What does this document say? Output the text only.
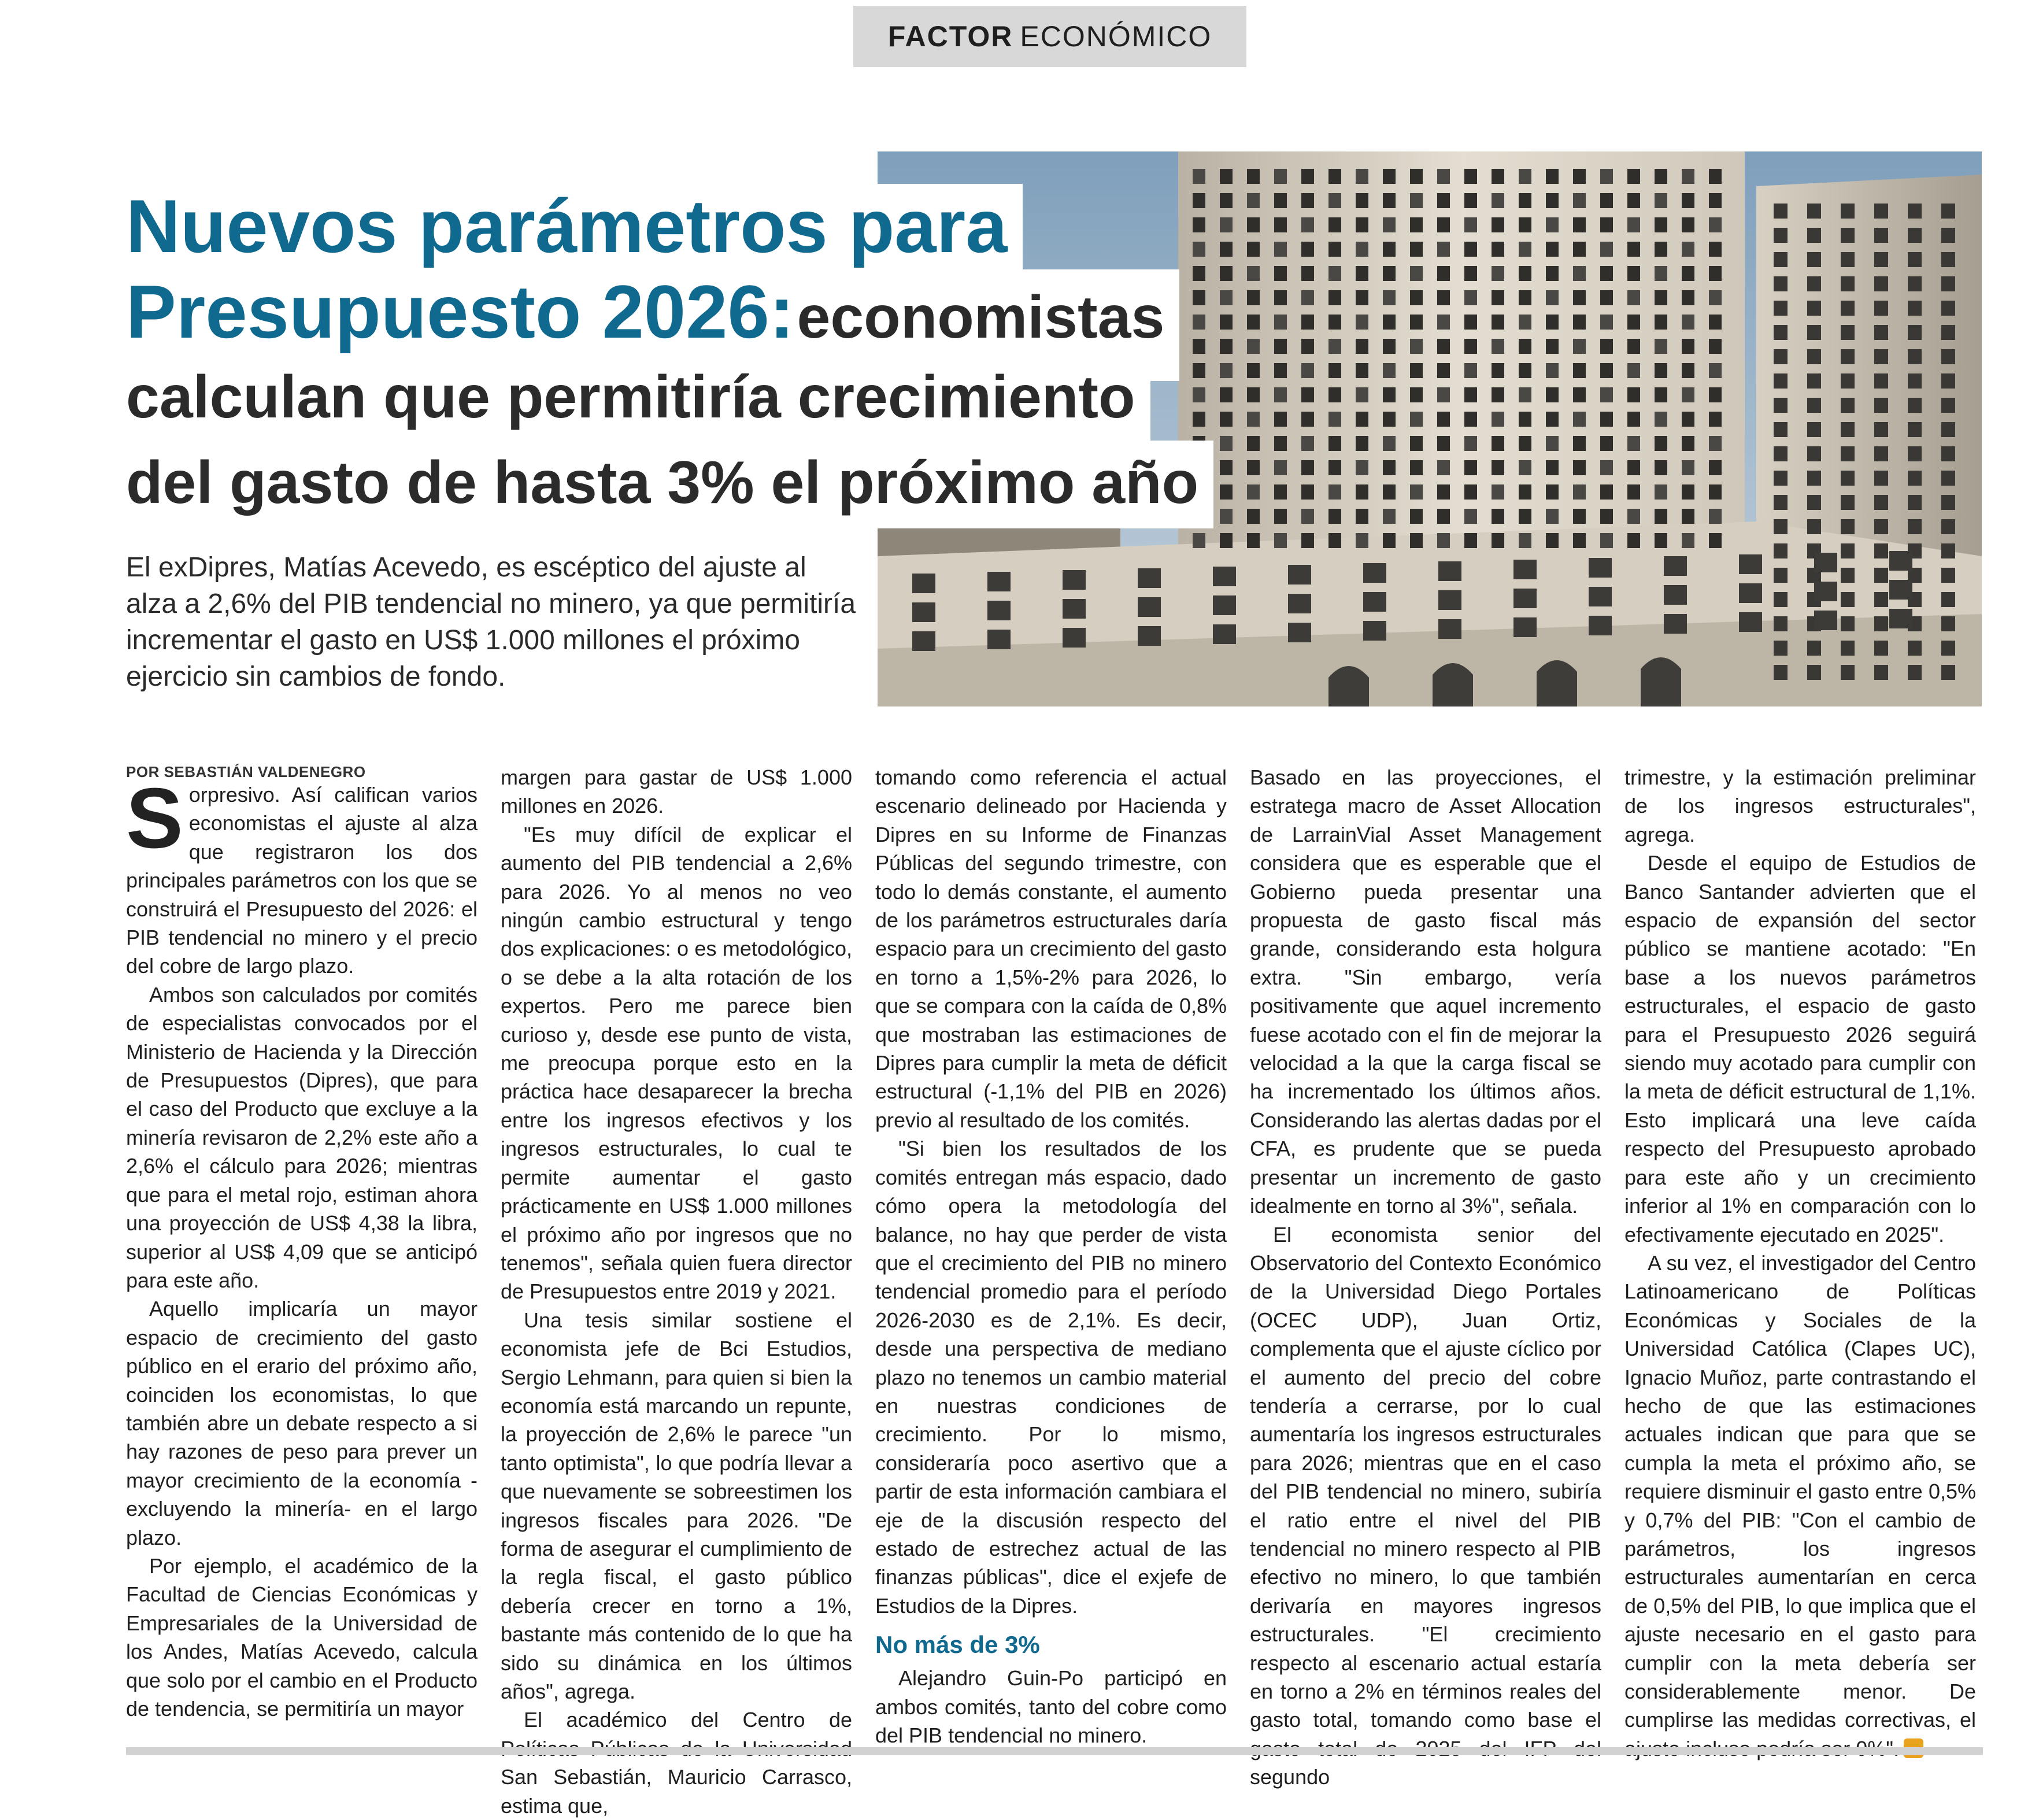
FACTOR ECONÓMICO
Nuevos parámetros para
Presupuesto 2026: economistas
calculan que permitiría crecimiento
del gasto de hasta 3% el próximo año
El exDipres, Matías Acevedo, es escéptico del ajuste al alza a 2,6% del PIB tendencial no minero, ya que permitiría incrementar el gasto en US$ 1.000 millones el próximo ejercicio sin cambios de fondo.

POR SEBASTIÁN VALDENEGRO

Sorpresivo. Así califican varios economistas el ajuste al alza que registraron los dos principales parámetros con los que se construirá el Presupuesto del 2026: el PIB tendencial no minero y el precio del cobre de largo plazo.

Ambos son calculados por comités de especialistas convocados por el Ministerio de Hacienda y la Dirección de Presupuestos (Dipres), que para el caso del Producto que excluye a la minería revisaron de 2,2% este año a 2,6% el cálculo para 2026; mientras que para el metal rojo, estiman ahora una proyección de US$ 4,38 la libra, superior al US$ 4,09 que se anticipó para este año.

Aquello implicaría un mayor espacio de crecimiento del gasto público en el erario del próximo año, coinciden los economistas, lo que también abre un debate respecto a si hay razones de peso para prever un mayor crecimiento de la economía -excluyendo la minería- en el largo plazo.

Por ejemplo, el académico de la Facultad de Ciencias Económicas y Empresariales de la Universidad de los Andes, Matías Acevedo, calcula que solo por el cambio en el Producto de tendencia, se permitiría un mayor

margen para gastar de US$ 1.000 millones en 2026.

"Es muy difícil de explicar el aumento del PIB tendencial a 2,6% para 2026. Yo al menos no veo ningún cambio estructural y tengo dos explicaciones: o es metodológico, o se debe a la alta rotación de los expertos. Pero me parece bien curioso y, desde ese punto de vista, me preocupa porque esto en la práctica hace desaparecer la brecha entre los ingresos efectivos y los ingresos estructurales, lo cual te permite aumentar el gasto prácticamente en US$ 1.000 millones el próximo año por ingresos que no tenemos", señala quien fuera director de Presupuestos entre 2019 y 2021.

Una tesis similar sostiene el economista jefe de Bci Estudios, Sergio Lehmann, para quien si bien la economía está marcando un repunte, la proyección de 2,6% le parece "un tanto optimista", lo que podría llevar a que nuevamente se sobreestimen los ingresos fiscales para 2026. "De forma de asegurar el cumplimiento de la regla fiscal, el gasto público debería crecer en torno a 1%, bastante más contenido de lo que ha sido su dinámica en los últimos años", agrega.

El académico del Centro de San Sebastián, Mauricio Carrasco, estima que,

tomando como referencia el actual escenario delineado por Hacienda y Dipres en su Informe de Finanzas Públicas del segundo trimestre, con todo lo demás constante, el aumento de los parámetros estructurales daría espacio para un crecimiento del gasto en torno a 1,5%-2% para 2026, lo que se compara con la caída de 0,8% que mostraban las estimaciones de Dipres para cumplir la meta de déficit estructural (-1,1% del PIB en 2026) previo al resultado de los comités.

"Si bien los resultados de los comités entregan más espacio, dado cómo opera la metodología del balance, no hay que perder de vista que el crecimiento del PIB no minero tendencial promedio para el período 2026-2030 es de 2,1%. Es decir, desde una perspectiva de mediano plazo no tenemos un cambio material en nuestras condiciones de crecimiento. Por lo mismo, consideraría poco asertivo que a partir de esta información cambiara el eje de la discusión respecto del estado de estrechez actual de las finanzas públicas", dice el exjefe de Estudios de la Dipres.

No más de 3%

Alejandro Guin-Po participó en ambos comités, tanto del cobre como del PIB tendencial no minero.

Basado en las proyecciones, el estratega macro de Asset Allocation de LarrainVial Asset Management considera que es esperable que el Gobierno pueda presentar una propuesta de gasto fiscal más grande, considerando esta holgura extra. "Sin embargo, vería positivamente que aquel incremento fuese acotado con el fin de mejorar la velocidad a la que la carga fiscal se ha incrementado los últimos años. Considerando las alertas dadas por el CFA, es prudente que se pueda presentar un incremento de gasto idealmente en torno al 3%", señala.

El economista senior del Observatorio del Contexto Económico de la Universidad Diego Portales (OCEC UDP), Juan Ortiz, complementa que el ajuste cíclico por el aumento del precio del cobre tendería a cerrarse, por lo cual aumentaría los ingresos estructurales para 2026; mientras que en el caso del PIB tendencial no minero, subiría el ratio entre el nivel del PIB tendencial no minero respecto al PIB efectivo no minero, lo que también derivaría en mayores ingresos estructurales. "El crecimiento respecto al escenario actual estaría en torno a 2% en términos reales del gasto total, tomando como base el segundo

trimestre, y la estimación preliminar de los ingresos estructurales", agrega.

Desde el equipo de Estudios de Banco Santander advierten que el espacio de expansión del sector público se mantiene acotado: "En base a los nuevos parámetros estructurales, el espacio de gasto para el Presupuesto 2026 seguirá siendo muy acotado para cumplir con la meta de déficit estructural de 1,1%. Esto implicará una leve caída respecto del Presupuesto aprobado para este año y un crecimiento inferior al 1% en comparación con lo efectivamente ejecutado en 2025".

A su vez, el investigador del Centro Latinoamericano de Políticas Económicas y Sociales de la Universidad Católica (Clapes UC), Ignacio Muñoz, parte contrastando el hecho de que las estimaciones actuales indican que para que se cumpla la meta el próximo año, se requiere disminuir el gasto entre 0,5% y 0,7% del PIB: "Con el cambio de parámetros, los ingresos estructurales aumentarían en cerca de 0,5% del PIB, lo que implica que el ajuste necesario en el gasto para cumplir con la meta debería ser considerablemente menor. De cumplirse las medidas correctivas, el S
